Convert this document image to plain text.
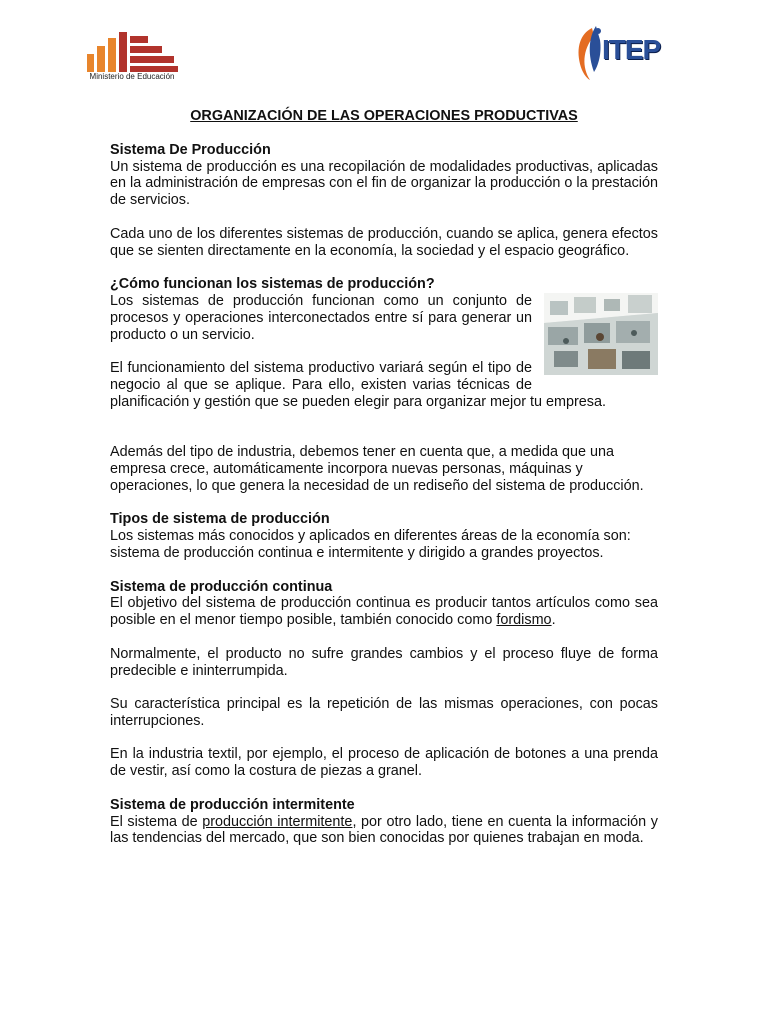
Ministerio de Educación
ITEP
ORGANIZACIÓN DE LAS OPERACIONES PRODUCTIVAS
Sistema De Producción

Un sistema de producción es una recopilación de modalidades productivas, aplicadas en la administración de empresas con el fin de organizar la producción o la prestación de servicios.

Cada uno de los diferentes sistemas de producción, cuando se aplica, genera efectos que se sienten directamente en la economía, la sociedad y el espacio geográfico.

¿Cómo funcionan los sistemas de producción?

Los sistemas de producción funcionan como un conjunto de procesos y operaciones interconectados entre sí para generar un producto o un servicio.

El funcionamiento del sistema productivo variará según el tipo de negocio al que se aplique. Para ello, existen varias técnicas de planificación y gestión que se pueden elegir para organizar mejor tu empresa.

Además del tipo de industria, debemos tener en cuenta que, a medida que una empresa crece, automáticamente incorpora nuevas personas, máquinas y operaciones, lo que genera la necesidad de un rediseño del sistema de producción.

Tipos de sistema de producción

Los sistemas más conocidos y aplicados en diferentes áreas de la economía son: sistema de producción continua e intermitente y dirigido a grandes proyectos.

Sistema de producción continua

El objetivo del sistema de producción continua es producir tantos artículos como sea posible en el menor tiempo posible, también conocido como fordismo.

Normalmente, el producto no sufre grandes cambios y el proceso fluye de forma predecible e ininterrumpida.

Su característica principal es la repetición de las mismas operaciones, con pocas interrupciones.

En la industria textil, por ejemplo, el proceso de aplicación de botones a una prenda de vestir, así como la costura de piezas a granel.

Sistema de producción intermitente

El sistema de producción intermitente, por otro lado, tiene en cuenta la información y las tendencias del mercado, que son bien conocidas por quienes trabajan en moda.
